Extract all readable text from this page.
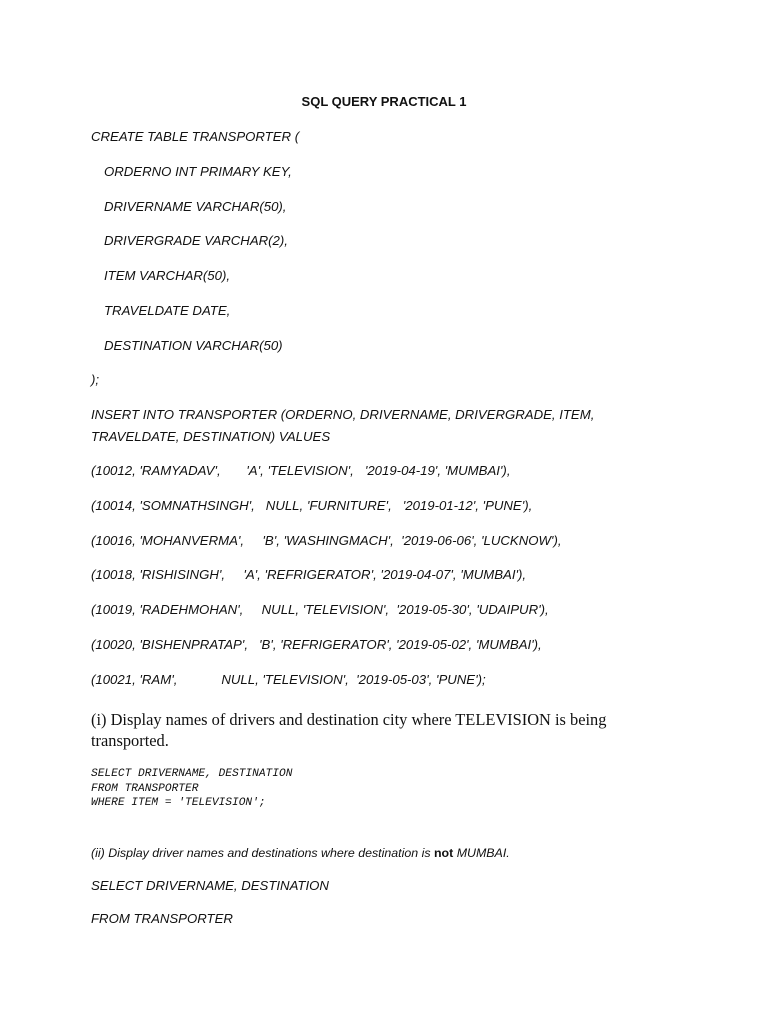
SQL QUERY PRACTICAL 1

CREATE TABLE TRANSPORTER (

ORDERNO INT PRIMARY KEY,

DRIVERNAME VARCHAR(50),

DRIVERGRADE VARCHAR(2),

ITEM VARCHAR(50),

TRAVELDATE DATE,

DESTINATION VARCHAR(50)

);

INSERT INTO TRANSPORTER (ORDERNO, DRIVERNAME, DRIVERGRADE, ITEM, TRAVELDATE, DESTINATION) VALUES

(10012, 'RAMYADAV',       'A', 'TELEVISION',   '2019-04-19', 'MUMBAI'),

(10014, 'SOMNATHSINGH',   NULL, 'FURNITURE',   '2019-01-12', 'PUNE'),

(10016, 'MOHANVERMA',     'B', 'WASHINGMACH',  '2019-06-06', 'LUCKNOW'),

(10018, 'RISHISINGH',     'A', 'REFRIGERATOR', '2019-04-07', 'MUMBAI'),

(10019, 'RADEHMOHAN',     NULL, 'TELEVISION',  '2019-05-30', 'UDAIPUR'),

(10020, 'BISHENPRATAP',   'B', 'REFRIGERATOR', '2019-05-02', 'MUMBAI'),

(10021, 'RAM',            NULL, 'TELEVISION',  '2019-05-03', 'PUNE');

(i) Display names of drivers and destination city where TELEVISION is being transported.

SELECT DRIVERNAME, DESTINATION
FROM TRANSPORTER
WHERE ITEM = 'TELEVISION';

(ii) Display driver names and destinations where destination is not MUMBAI.

SELECT DRIVERNAME, DESTINATION

FROM TRANSPORTER
